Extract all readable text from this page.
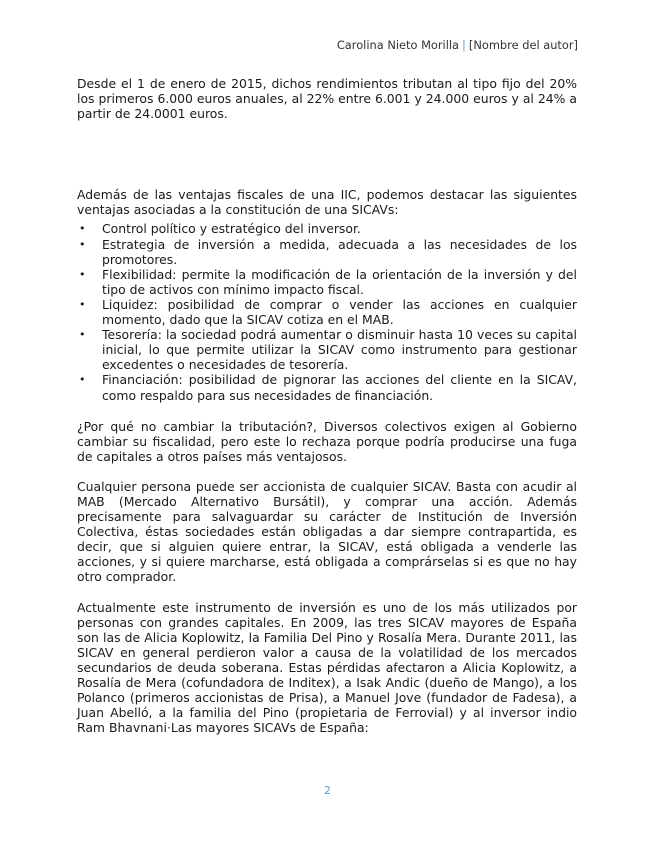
Carolina Nieto Morilla | [Nombre del autor]

Desde el 1 de enero de 2015, dichos rendimientos tributan al tipo fijo del 20% los primeros 6.000 euros anuales, al 22% entre 6.001 y 24.000 euros y al 24% a partir de 24.0001 euros.

Además de las ventajas fiscales de una IIC, podemos destacar las siguientes ventajas asociadas a la constitución de una SICAVs:

• Control político y estratégico del inversor.
• Estrategia de inversión a medida, adecuada a las necesidades de los promotores.
• Flexibilidad: permite la modificación de la orientación de la inversión y del tipo de activos con mínimo impacto fiscal.
• Liquidez: posibilidad de comprar o vender las acciones en cualquier momento, dado que la SICAV cotiza en el MAB.
• Tesorería: la sociedad podrá aumentar o disminuir hasta 10 veces su capital inicial, lo que permite utilizar la SICAV como instrumento para gestionar excedentes o necesidades de tesorería.
• Financiación: posibilidad de pignorar las acciones del cliente en la SICAV, como respaldo para sus necesidades de financiación.

¿Por qué no cambiar la tributación?, Diversos colectivos exigen al Gobierno cambiar su fiscalidad, pero este lo rechaza porque podría producirse una fuga de capitales a otros países más ventajosos.

Cualquier persona puede ser accionista de cualquier SICAV. Basta con acudir al MAB (Mercado Alternativo Bursátil), y comprar una acción. Además precisamente para salvaguardar su carácter de Institución de Inversión Colectiva, éstas sociedades están obligadas a dar siempre contrapartida, es decir, que si alguien quiere entrar, la SICAV, está obligada a venderle las acciones, y si quiere marcharse, está obligada a comprárselas si es que no hay otro comprador.

Actualmente este instrumento de inversión es uno de los más utilizados por personas con grandes capitales. En 2009, las tres SICAV mayores de España son las de Alicia Koplowitz, la Familia Del Pino y Rosalía Mera. Durante 2011, las SICAV en general perdieron valor a causa de la volatilidad de los mercados secundarios de deuda soberana. Estas pérdidas afectaron a Alicia Koplowitz, a Rosalía de Mera (cofundadora de Inditex), a Isak Andic (dueño de Mango), a los Polanco (primeros accionistas de Prisa), a Manuel Jove (fundador de Fadesa), a Juan Abelló, a la familia del Pino (propietaria de Ferrovial) y al inversor indio Ram Bhavnani·Las mayores SICAVs de España:

2
